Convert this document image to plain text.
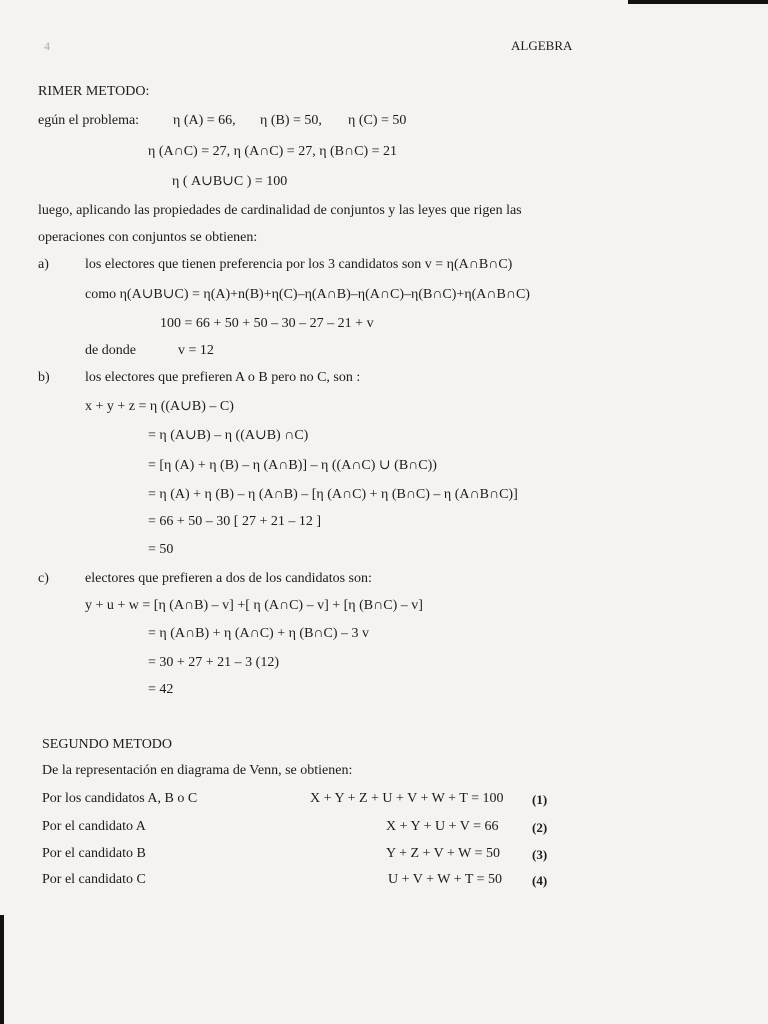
4	ALGEBRA
RIMER METODO:
egún el problema: η (A) = 66, η (B) = 50, η (C) = 50
η (A∩C) = 27, η (A∩C) = 27, η (B∩C) = 21
η ( A∪B∪C ) = 100
luego, aplicando las propiedades de cardinalidad de conjuntos y las leyes que rigen las
operaciones con conjuntos se obtienen:
a)	los electores que tienen preferencia por los 3 candidatos son v = η(A∩B∩C)
como η(A∪B∪C) = η(A)+n(B)+η(C)–η(A∩B)–η(A∩C)–η(B∩C)+η(A∩B∩C)
100 = 66 + 50 + 50 – 30 – 27 – 21 + v
de donde	v = 12
b)	los electores que prefieren A o B pero no C, son :
x + y + z = η ((A∪B) – C)
= η (A∪B) – η ((A∪B) ∩C)
= [η (A) + η (B) – η (A∩B)] – η ((A∩C) ∪ (B∩C))
= η (A) + η (B) – η (A∩B) – [η (A∩C) + η (B∩C) – η (A∩B∩C)]
= 66 + 50 – 30 [ 27 + 21 – 12 ]
= 50
c)	electores que prefieren a dos de los candidatos son:
y + u + w = [η (A∩B) – v] +[ η (A∩C) – v] + [η (B∩C) – v]
= η (A∩B) + η (A∩C) + η (B∩C) – 3 v
= 30 + 27 + 21 – 3 (12)
= 42
SEGUNDO METODO
De la representación en diagrama de Venn, se obtienen:
Por los candidatos A, B o C	X + Y + Z + U + V + W + T = 100 (1)
Por el candidato A	X + Y + U + V = 66	(2)
Por el candidato B	Y + Z + V + W = 50 (3)
Por el candidato C	U + V + W + T = 50 (4)
